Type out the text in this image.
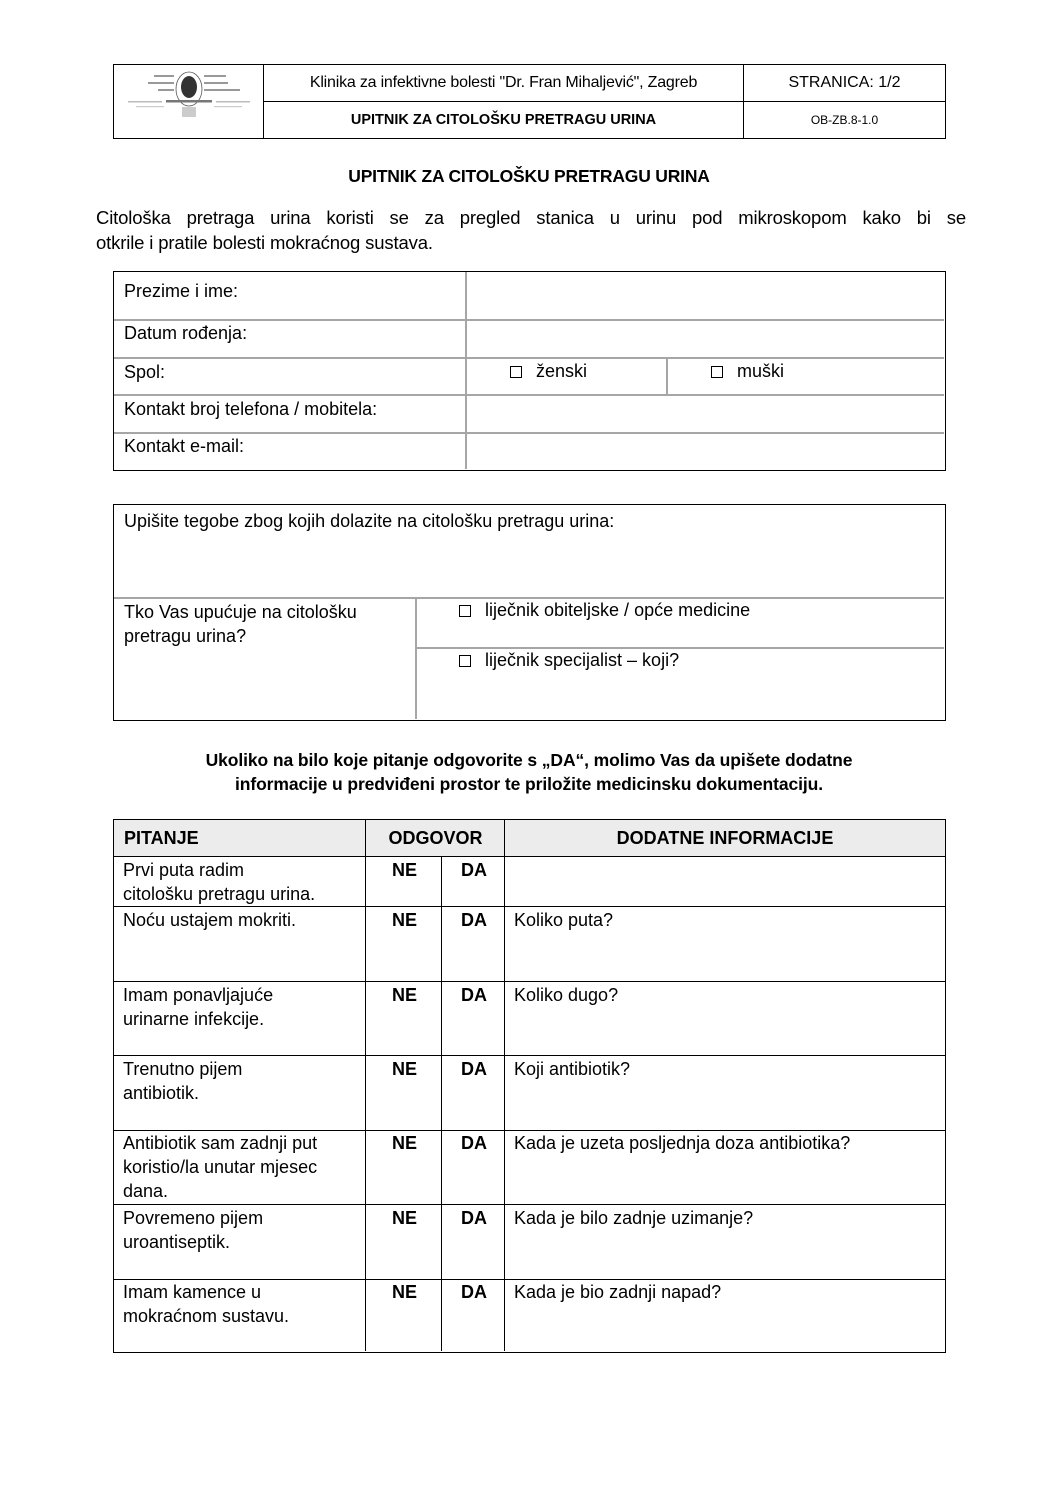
Klinika za infektivne bolesti "Dr. Fran Mihaljević", Zagreb	STRANICA: 1/2
UPITNIK ZA CITOLOŠKU PRETRAGU URINA	OB-ZB.8-1.0
UPITNIK ZA CITOLOŠKU PRETRAGU URINA
Citološka pretraga urina koristi se za pregled stanica u urinu pod mikroskopom kako bi se
otkrile i pratile bolesti mokraćnog sustava.
Prezime i ime:
Datum rođenja:
Spol:	ženski	muški
Kontakt broj telefona / mobitela:
Kontakt e-mail:
Upišite tegobe zbog kojih dolazite na citološku pretragu urina:
Tko Vas upućuje na citološku
pretragu urina?
liječnik obiteljske / opće medicine
liječnik specijalist – koji?
Ukoliko na bilo koje pitanje odgovorite s „DA“, molimo Vas da upišete dodatne
informacije u predviđeni prostor te priložite medicinsku dokumentaciju.
PITANJE	ODGOVOR	DODATNE INFORMACIJE
Prvi puta radim
citološku pretragu urina.
NE	DA
Noću ustajem mokriti.	NE	DA	Koliko puta?
Imam ponavljajuće
urinarne infekcije.
NE	DA	Koliko dugo?
Trenutno pijem
antibiotik.
NE	DA	Koji antibiotik?
Antibiotik sam zadnji put
koristio/la unutar mjesec
dana.
NE	DA	Kada je uzeta posljednja doza antibiotika?
Povremeno pijem
uroantiseptik.
NE	DA	Kada je bilo zadnje uzimanje?
Imam kamence u
mokraćnom sustavu.
NE	DA	Kada je bio zadnji napad?
